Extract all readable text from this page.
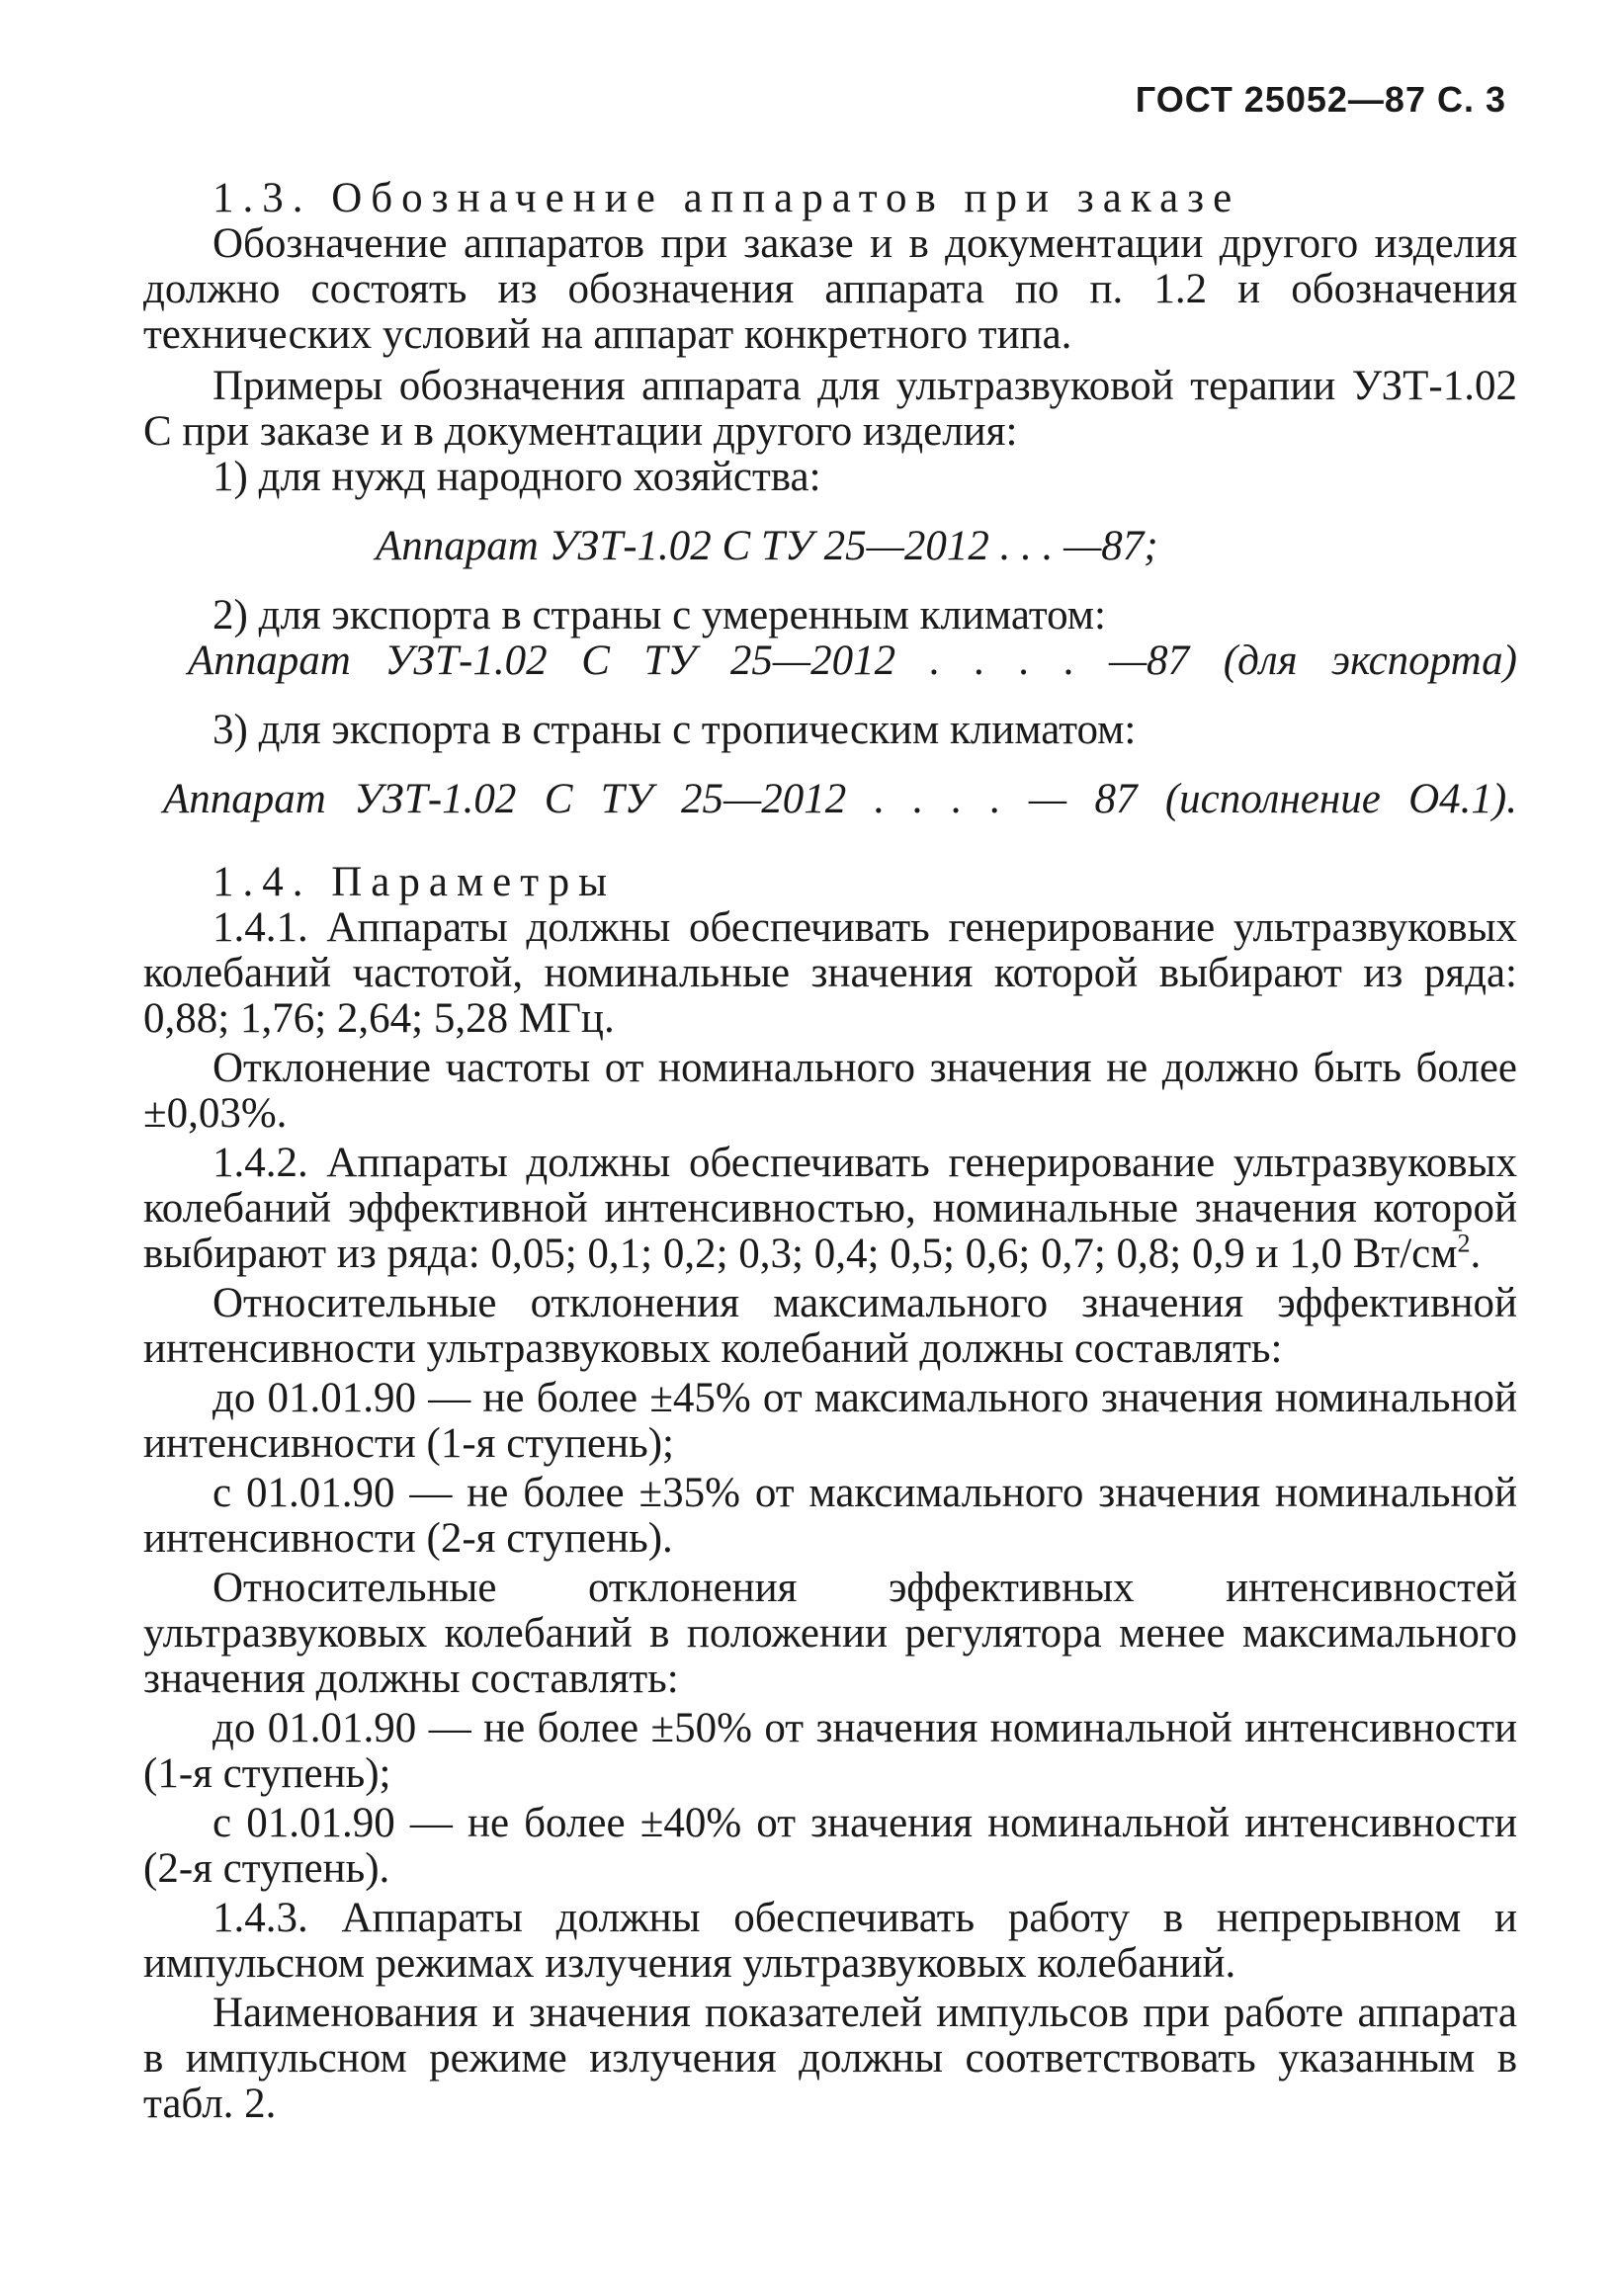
ГОСТ 25052—87 С. 3

1.3. Обозначение аппаратов при заказе

Обозначение аппаратов при заказе и в документации другого изделия должно состоять из обозначения аппарата по п. 1.2 и обозначения технических условий на аппарат конкретного типа.

Примеры обозначения аппарата для ультразвуковой терапии УЗТ-1.02 С при заказе и в документации другого изделия:

1) для нужд народного хозяйства:

Аппарат УЗТ-1.02 С ТУ 25—2012 . . . —87;

2) для экспорта в страны с умеренным климатом:

Аппарат УЗТ-1.02 С ТУ 25—2012 . . . . —87 (для экспорта)

3) для экспорта в страны с тропическим климатом:

Аппарат УЗТ-1.02 С ТУ 25—2012 . . . . — 87 (исполнение О4.1).

1.4. Параметры

1.4.1. Аппараты должны обеспечивать генерирование ультразвуковых колебаний частотой, номинальные значения которой выбирают из ряда: 0,88; 1,76; 2,64; 5,28 МГц.

Отклонение частоты от номинального значения не должно быть более ±0,03%.

1.4.2. Аппараты должны обеспечивать генерирование ультразвуковых колебаний эффективной интенсивностью, номинальные значения которой выбирают из ряда: 0,05; 0,1; 0,2; 0,3; 0,4; 0,5; 0,6; 0,7; 0,8; 0,9 и 1,0 $Вт/см^2$.

Относительные отклонения максимального значения эффективной интенсивности ультразвуковых колебаний должны составлять:

до 01.01.90 — не более ±45% от максимального значения номинальной интенсивности (1-я ступень);

с 01.01.90 — не более ±35% от максимального значения номинальной интенсивности (2-я ступень).

Относительные отклонения эффективных интенсивностей ультразвуковых колебаний в положении регулятора менее максимального значения должны составлять:

до 01.01.90 — не более ±50% от значения номинальной интенсивности (1-я ступень);

с 01.01.90 — не более ±40% от значения номинальной интенсивности (2-я ступень).

1.4.3. Аппараты должны обеспечивать работу в непрерывном и импульсном режимах излучения ультразвуковых колебаний.

Наименования и значения показателей импульсов при работе аппарата в импульсном режиме излучения должны соответствовать указанным в табл. 2.
